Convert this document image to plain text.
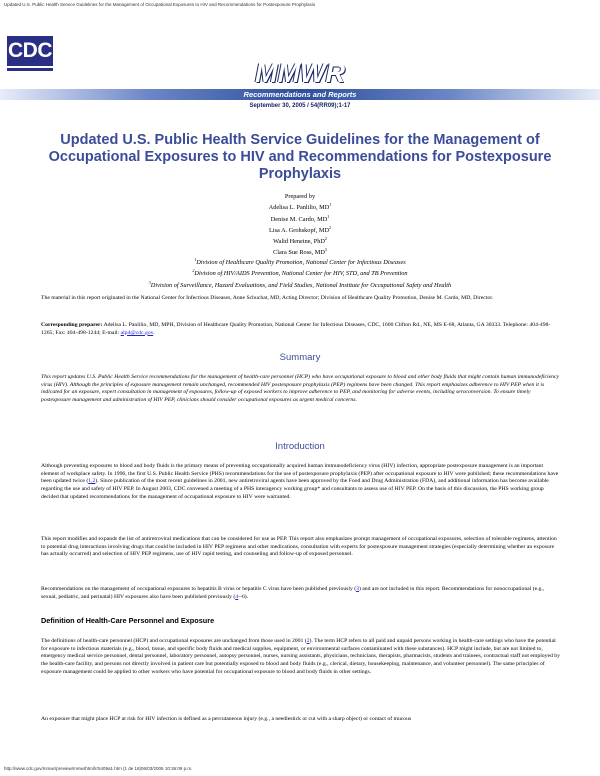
Updated U.S. Public Health Service Guidelines for the Management of Occupational Exposures to HIV and Recommendations for Postexposure Prophylaxis
CDC
MMWR
Recommendations and Reports
September 30, 2005 / 54(RR09);1-17
Updated U.S. Public Health Service Guidelines for the Management of Occupational Exposures to HIV and Recommendations for Postexposure Prophylaxis
Prepared by
Adelisa L. Panlilio, $MD^1$
Denise M. Cardo, $MD^1$
Lisa A. Grohskopf, $MD^2$
Walid Heneine, PhD$^2$
Clara Sue Ross, $MD^3$
$^1$Division of Healthcare Quality Promotion, National Center for Infectious Diseases
$^2$Division of HIV/AIDS Prevention, National Center for HIV, STD, and TB Prevention
$^3$Division of Surveillance, Hazard Evaluations, and Field Studies, National Institute for Occupational Safety and Health
The material in this report originated in the National Center for Infectious Diseases, Anne Schuchat, MD, Acting Director; Division of Healthcare Quality Promotion, Denise M. Cardo, MD, Director.
Corresponding preparer: Adelisa L. Panlilio, MD, MPH, Division of Healthcare Quality Promotion, National Center for Infectious Diseases, CDC, 1600 Clifton Rd., NE, MS E-68, Atlanta, GA 30333. Telephone: 404-498-1265; Fax: 404-498-1244; E-mail: alp4@cdc.gov.
Summary
This report updates U.S. Public Health Service recommendations for the management of health-care personnel (HCP) who have occupational exposure to blood and other body fluids that might contain human immunodeficiency virus (HIV). Although the principles of exposure management remain unchanged, recommended HIV postexposure prophylaxis (PEP) regimens have been changed. This report emphasizes adherence to HIV PEP when it is indicated for an exposure, expert consultation in management of exposures, follow-up of exposed workers to improve adherence to PEP, and monitoring for adverse events, including seroconversion. To ensure timely postexposure management and administration of HIV PEP, clinicians should consider occupational exposures as urgent medical concerns.
Introduction
Although preventing exposures to blood and body fluids is the primary means of preventing occupationally acquired human immunodeficiency virus (HIV) infection, appropriate postexposure management is an important element of workplace safety. In 1996, the first U.S. Public Health Service (PHS) recommendations for the use of postexposure prophylaxis (PEP) after occupational exposure to HIV were published; these recommendations have been updated twice (1,2). Since publication of the most recent guidelines in 2001, new antiretroviral agents have been approved by the Food and Drug Administration (FDA), and additional information has become available regarding the use and safety of HIV PEP. In August 2003, CDC convened a meeting of a PHS interagency working group* and consultants to assess use of HIV PEP. On the basis of this discussion, the PHS working group decided that updated recommendations for the management of occupational exposure to HIV were warranted.
This report modifies and expands the list of antiretroviral medications that can be considered for use as PEP. This report also emphasizes prompt management of occupational exposures, selection of tolerable regimens, attention to potential drug interactions involving drugs that could be included in HIV PEP regimens and other medications, consultation with experts for postexposure management strategies (especially determining whether an exposure has actually occurred) and selection of HIV PEP regimens, use of HIV rapid testing, and counseling and follow-up of exposed personnel.
Recommendations on the management of occupational exposures to hepatitis B virus or hepatitis C virus have been published previously (3) and are not included in this report. Recommendations for nonoccupational (e.g., sexual, pediatric, and perinatal) HIV exposures also have been published previously (4--6).
Definition of Health-Care Personnel and Exposure
The definitions of health-care personnel (HCP) and occupational exposures are unchanged from those used in 2001 (2). The term HCP refers to all paid and unpaid persons working in health-care settings who have the potential for exposure to infectious materials (e.g., blood, tissue, and specific body fluids and medical supplies, equipment, or environmental surfaces contaminated with these substances). HCP might include, but are not limited to, emergency medical service personnel, dental personnel, laboratory personnel, autopsy personnel, nurses, nursing assistants, physicians, technicians, therapists, pharmacists, students and trainees, contractual staff not employed by the health-care facility, and persons not directly involved in patient care but potentially exposed to blood and body fluids (e.g., clerical, dietary, housekeeping, maintenance, and volunteer personnel). The same principles of exposure management could be applied to other workers who have potential for occupational exposure to blood and body fluids in other settings.
An exposure that might place HCP at risk for HIV infection is defined as a percutaneous injury (e.g., a needlestick or cut with a sharp object) or contact of mucous
http://www.cdc.gov/mmwr/preview/mmwrhtml/rr5409a1.htm (1 de 18)06/03/2006 10:36:09 p.m.
